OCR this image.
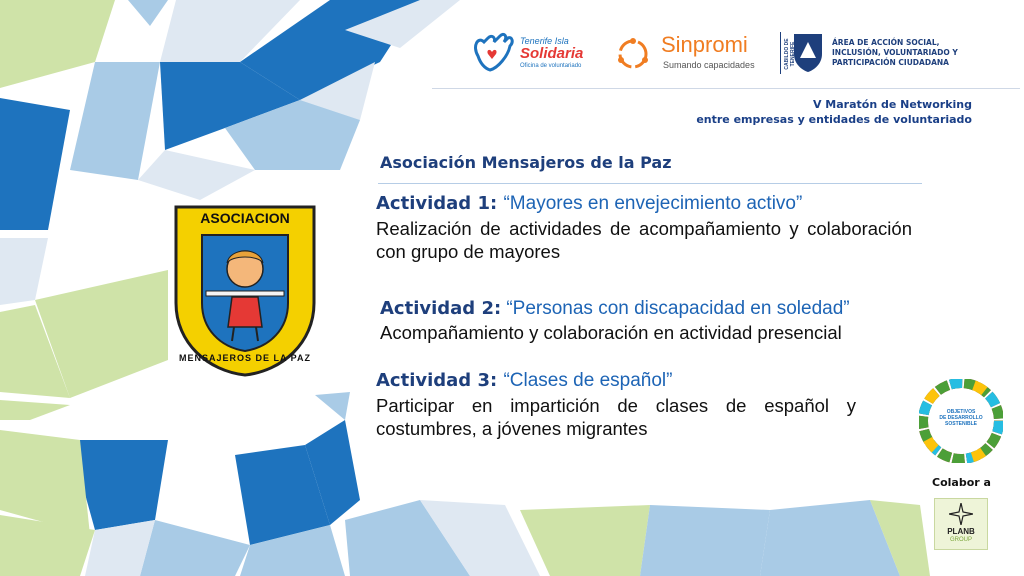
Tenerife Isla
Solidaria
Oficina de voluntariado
Sinpromi
Sumando capacidades	CABILDO DE TENERIFE	ÁREA DE ACCIÓN SOCIAL,
INCLUSIÓN, VOLUNTARIADO Y
PARTICIPACIÓN CIUDADANA
V Maratón de Networking
entre empresas y entidades de voluntariado
ASOCIACION
MENSAJEROS DE LA PAZ
Asociación Mensajeros de la Paz
Actividad 1: “Mayores en envejecimiento activo”
Realización de actividades de acompañamiento y colaboración con grupo de mayores
Actividad 2: “Personas con discapacidad en soledad” Acompañamiento y colaboración en actividad presencial
Actividad 3: “Clases de español”
Participar en impartición de clases de español y costumbres, a jóvenes migrantes
OBJETIVOS
DE DESARROLLO
SOSTENIBLE
Colabor a
PLANB
GROUP
